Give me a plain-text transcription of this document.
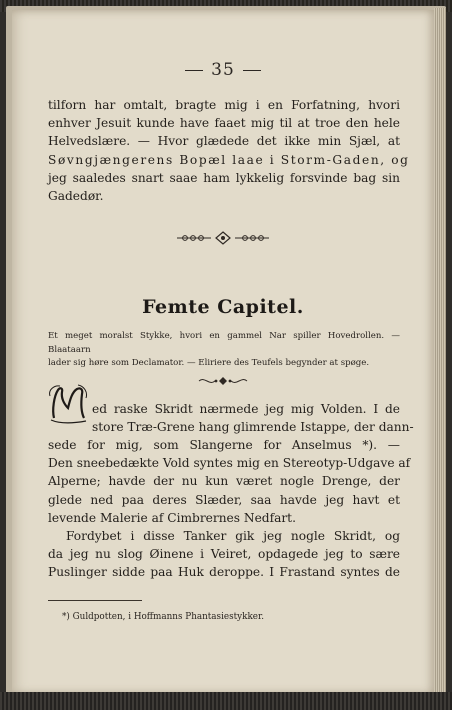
35
tilforn har omtalt, bragte mig i en Forfatning, hvori
enhver Jesuit kunde have faaet mig til at troe den hele
Helvedslære. — Hvor glædede det ikke min Sjæl, at
Søvngjængerens Bopæl laae i Storm-Gaden, og
jeg saaledes snart saae ham lykkelig forsvinde bag sin
Gadedør.
Femte Capitel.
Et meget moralst Stykke, hvori en gammel Nar spiller Hovedrollen. — Blaataarn
lader sig høre som Declamator. — Eliriere des Teufels begynder at spøge.
ed raske Skridt nærmede jeg mig Volden. I de
store Træ-Grene hang glimrende Istappe, der dann-
sede for mig, som Slangerne for Anselmus *). —
Den sneebedækte Vold syntes mig en Stereotyp-Udgave af
Alperne; havde der nu kun været nogle Drenge, der
glede ned paa deres Slæder, saa havde jeg havt et
levende Malerie af Cimbrernes Nedfart.
Fordybet i disse Tanker gik jeg nogle Skridt, og
da jeg nu slog Øinene i Veiret, opdagede jeg to sære
Puslinger sidde paa Huk deroppe. I Frastand syntes de
*) Guldpotten, i Hoffmanns Phantasiestykker.
